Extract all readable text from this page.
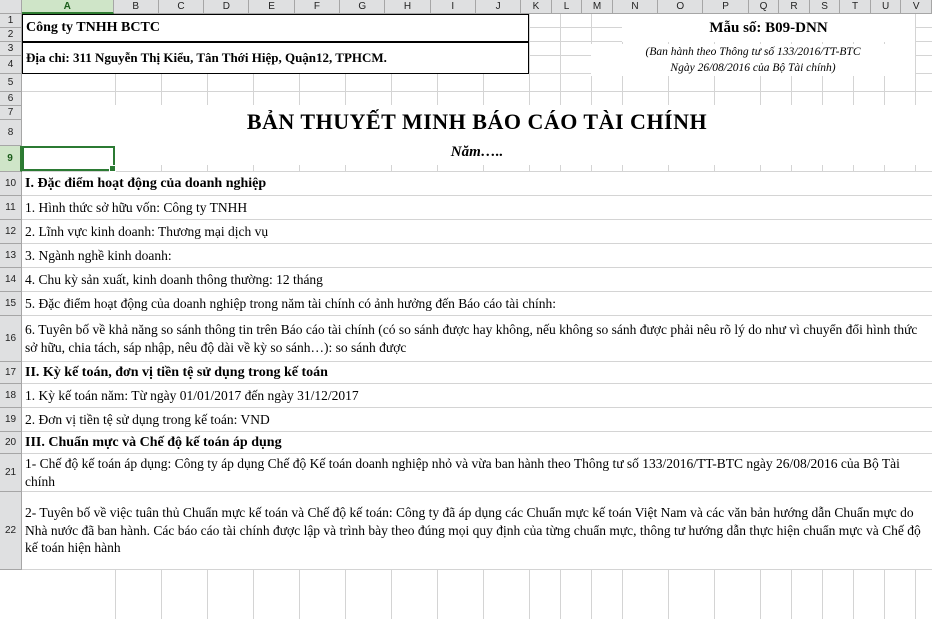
A	B	C	D	E	F	G	H	I	J	K	L	M	N	O	P	Q	R	S	T	U	V
1
2
3
4
5
6
7
8
9
10
11
12
13
14
15
16
17
18
19
20
21
22
Công ty TNHH BCTC
Địa chỉ: 311 Nguyễn Thị Kiểu, Tân Thới Hiệp, Quận12, TPHCM.
Mẫu số: B09-DNN
(Ban hành theo Thông tư số 133/2016/TT-BTC
Ngày 26/08/2016 của Bộ Tài chính)
BẢN THUYẾT MINH BÁO CÁO TÀI CHÍNH
Năm…..
I. Đặc điểm hoạt động của doanh nghiệp
1. Hình thức sở hữu vốn: Công ty TNHH
2. Lĩnh vực kinh doanh: Thương mại dịch vụ
3. Ngành nghề kinh doanh:
4. Chu kỳ sản xuất, kinh doanh thông thường: 12 tháng
5. Đặc điểm hoạt động của doanh nghiệp trong năm tài chính có ảnh hưởng đến Báo cáo tài chính:
6. Tuyên bố về khả năng so sánh thông tin trên Báo cáo tài chính (có so sánh được hay không, nếu không so sánh được phải nêu rõ lý do như vì chuyển đổi hình thức sở hữu, chia tách, sáp nhập, nêu độ dài về kỳ so sánh…): so sánh được
II. Kỳ kế toán, đơn vị tiền tệ sử dụng trong kế toán
1. Kỳ kế toán năm: Từ ngày 01/01/2017 đến ngày 31/12/2017
2. Đơn vị tiền tệ sử dụng trong kế toán: VND
III. Chuẩn mực và Chế độ kế toán áp dụng
1- Chế độ kế toán áp dụng: Công ty áp dụng Chế độ Kế toán doanh nghiệp nhỏ và vừa ban hành theo Thông tư số 133/2016/TT-BTC ngày 26/08/2016 của Bộ Tài chính
2- Tuyên bố về việc tuân thủ Chuẩn mực kế toán và Chế độ kế toán: Công ty đã áp dụng các Chuẩn mực kế toán Việt Nam và các văn bản hướng dẫn Chuẩn mực do Nhà nước đã ban hành. Các báo cáo tài chính được lập và trình bày theo đúng mọi quy định của từng chuẩn mực, thông tư hướng dẫn thực hiện chuẩn mực và Chế độ kế toán hiện hành
